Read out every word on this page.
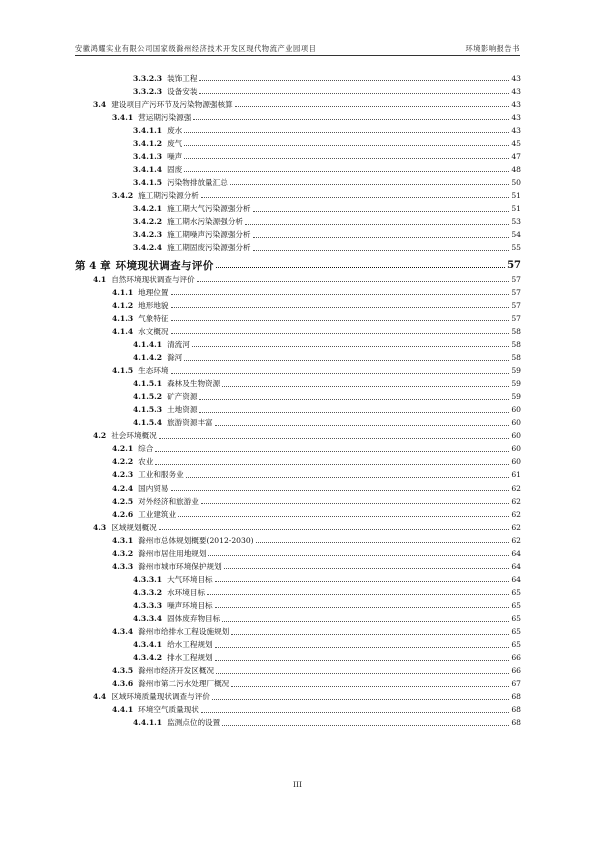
安徽鸿耀实业有限公司国家级滁州经济技术开发区现代物流产业园项目	环境影响报告书
3.3.2.3 装饰工程	43
3.3.2.3 设备安装	43
3.4 建设项目产污环节及污染物源强核算	43
3.4.1 营运期污染源强	43
3.4.1.1 废水	43
3.4.1.2 废气	45
3.4.1.3 噪声	47
3.4.1.4 固废	48
3.4.1.5 污染物排放量汇总	50
3.4.2 施工期污染源分析	51
3.4.2.1 施工期大气污染源强分析	51
3.4.2.2 施工期水污染源强分析	53
3.4.2.3 施工期噪声污染源强分析	54
3.4.2.4 施工期固废污染源强分析	55
第 4 章 环境现状调查与评价	57
4.1 自然环境现状调查与评价	57
4.1.1 地理位置	57
4.1.2 地形地貌	57
4.1.3 气象特征	57
4.1.4 水文概况	58
4.1.4.1 清流河	58
4.1.4.2 滁河	58
4.1.5 生态环境	59
4.1.5.1 森林及生物资源	59
4.1.5.2 矿产资源	59
4.1.5.3 土地资源	60
4.1.5.4 旅游资源丰富	60
4.2 社会环境概况	60
4.2.1 综合	60
4.2.2 农业	60
4.2.3 工业和服务业	61
4.2.4 国内贸易	62
4.2.5 对外经济和旅游业	62
4.2.6 工业建筑业	62
4.3 区域规划概况	62
4.3.1 滁州市总体规划概要(2012-2030)	62
4.3.2 滁州市居住用地规划	64
4.3.3 滁州市城市环境保护规划	64
4.3.3.1 大气环境目标	64
4.3.3.2 水环境目标	65
4.3.3.3 噪声环境目标	65
4.3.3.4 固体废弃物目标	65
4.3.4 滁州市给排水工程设施规划	65
4.3.4.1 给水工程规划	65
4.3.4.2 排水工程规划	66
4.3.5 滁州市经济开发区概况	66
4.3.6 滁州市第二污水处理厂概况	67
4.4 区域环境质量现状调查与评价	68
4.4.1 环境空气质量现状	68
4.4.1.1 监测点位的设置	68
III
